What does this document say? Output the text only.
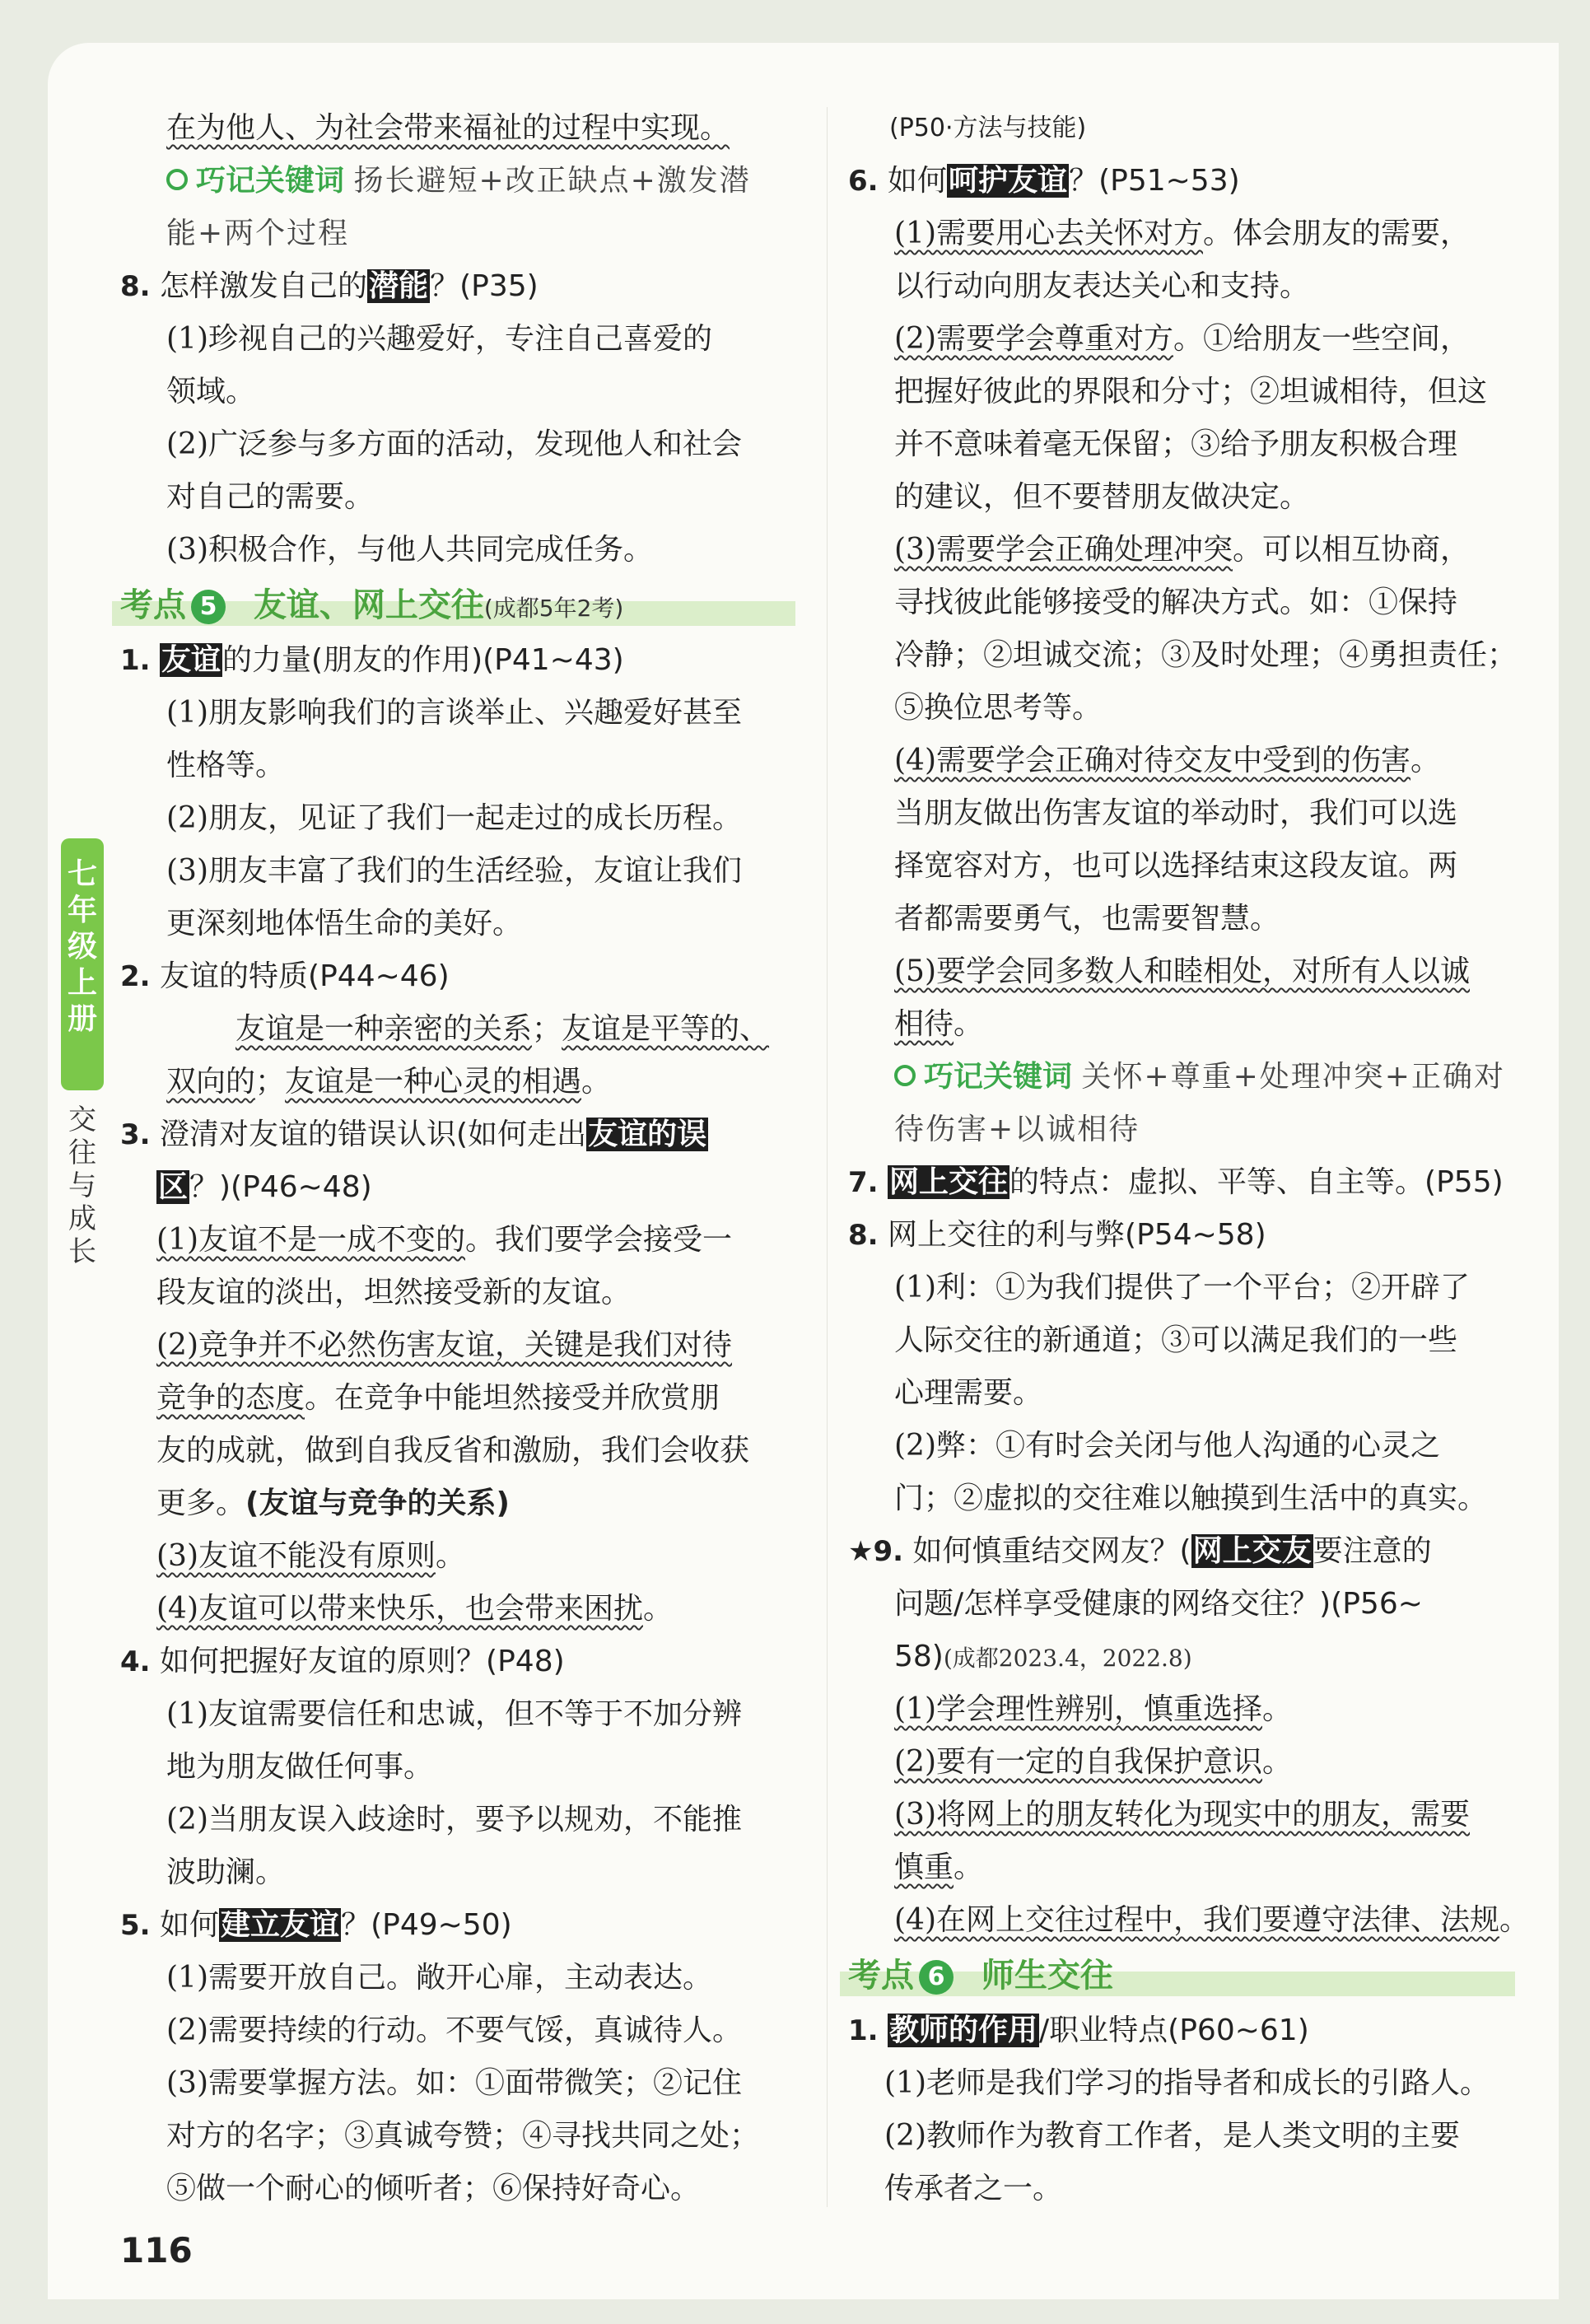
七
年
级
上
册
交
往
与
成
长
在为他人、为社会带来福祉的过程中实现。
巧记关键词 扬长避短+改正缺点+激发潜
能+两个过程
8. 怎样激发自己的潜能？(P35)
(1)珍视自己的兴趣爱好，专注自己喜爱的
领域。
(2)广泛参与多方面的活动，发现他人和社会
对自己的需要。
(3)积极合作，与他人共同完成任务。
考点 5 友谊、网上交往(成都5年2考)
1. 友谊的力量(朋友的作用)(P41~43)
(1)朋友影响我们的言谈举止、兴趣爱好甚至
性格等。
(2)朋友，见证了我们一起走过的成长历程。
(3)朋友丰富了我们的生活经验，友谊让我们
更深刻地体悟生命的美好。
2. 友谊的特质(P44~46)
友谊是一种亲密的关系；友谊是平等的、
双向的；友谊是一种心灵的相遇。
3. 澄清对友谊的错误认识(如何走出友谊的误
区？)(P46~48)
(1)友谊不是一成不变的。我们要学会接受一
段友谊的淡出，坦然接受新的友谊。
(2)竞争并不必然伤害友谊，关键是我们对待
竞争的态度。在竞争中能坦然接受并欣赏朋
友的成就，做到自我反省和激励，我们会收获
更多。(友谊与竞争的关系)
(3)友谊不能没有原则。
(4)友谊可以带来快乐，也会带来困扰。
4. 如何把握好友谊的原则？(P48)
(1)友谊需要信任和忠诚，但不等于不加分辨
地为朋友做任何事。
(2)当朋友误入歧途时，要予以规劝，不能推
波助澜。
5. 如何建立友谊？(P49~50)
(1)需要开放自己。敞开心扉，主动表达。
(2)需要持续的行动。不要气馁，真诚待人。
(3)需要掌握方法。如：①面带微笑；②记住
对方的名字；③真诚夸赞；④寻找共同之处；
⑤做一个耐心的倾听者；⑥保持好奇心。
(P50·方法与技能)
6. 如何呵护友谊？(P51~53)
(1)需要用心去关怀对方。体会朋友的需要，
以行动向朋友表达关心和支持。
(2)需要学会尊重对方。①给朋友一些空间，
把握好彼此的界限和分寸；②坦诚相待，但这
并不意味着毫无保留；③给予朋友积极合理
的建议，但不要替朋友做决定。
(3)需要学会正确处理冲突。可以相互协商，
寻找彼此能够接受的解决方式。如：①保持
冷静；②坦诚交流；③及时处理；④勇担责任；
⑤换位思考等。
(4)需要学会正确对待交友中受到的伤害。
当朋友做出伤害友谊的举动时，我们可以选
择宽容对方，也可以选择结束这段友谊。两
者都需要勇气，也需要智慧。
(5)要学会同多数人和睦相处，对所有人以诚
相待。
巧记关键词 关怀+尊重+处理冲突+正确对
待伤害+以诚相待
7. 网上交往的特点：虚拟、平等、自主等。(P55)
8. 网上交往的利与弊(P54~58)
(1)利：①为我们提供了一个平台；②开辟了
人际交往的新通道；③可以满足我们的一些
心理需要。
(2)弊：①有时会关闭与他人沟通的心灵之
门；②虚拟的交往难以触摸到生活中的真实。
★9. 如何慎重结交网友？(网上交友要注意的
问题/怎样享受健康的网络交往？)(P56~
58)(成都2023.4，2022.8)
(1)学会理性辨别，慎重选择。
(2)要有一定的自我保护意识。
(3)将网上的朋友转化为现实中的朋友，需要
慎重。
(4)在网上交往过程中，我们要遵守法律、法规。
考点 6 师生交往
1. 教师的作用/职业特点(P60~61)
(1)老师是我们学习的指导者和成长的引路人。
(2)教师作为教育工作者，是人类文明的主要
传承者之一。
116
